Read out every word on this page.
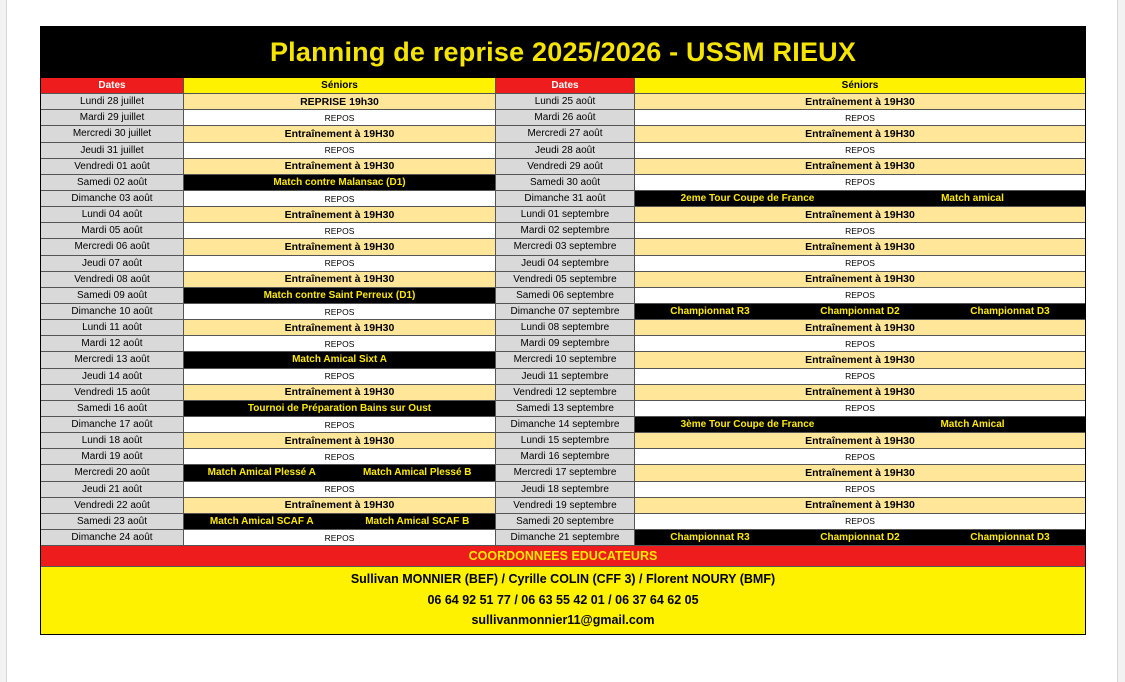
Planning de reprise 2025/2026 - USSM RIEUX
Dates	Séniors	Dates	Séniors
Lundi 28 juillet	REPRISE 19h30	Lundi 25 août	Entraînement à 19H30
Mardi 29 juillet	REPOS	Mardi 26 août	REPOS
Mercredi 30 juillet	Entraînement à 19H30	Mercredi 27 août	Entraînement à 19H30
Jeudi 31 juillet	REPOS	Jeudi 28 août	REPOS
Vendredi 01 août	Entraînement à 19H30	Vendredi 29 août	Entraînement à 19H30
Samedi 02 août	Match contre Malansac (D1)	Samedi 30 août	REPOS
Dimanche 03 août	REPOS	Dimanche 31 août	2eme Tour Coupe de France	Match amical
Lundi 04 août	Entraînement à 19H30	Lundi 01 septembre	Entraînement à 19H30
Mardi 05 août	REPOS	Mardi 02 septembre	REPOS
Mercredi 06 août	Entraînement à 19H30	Mercredi 03 septembre	Entraînement à 19H30
Jeudi 07 août	REPOS	Jeudi 04 septembre	REPOS
Vendredi 08 août	Entraînement à 19H30	Vendredi 05 septembre	Entraînement à 19H30
Samedi 09 août	Match contre Saint Perreux (D1)	Samedi 06 septembre	REPOS
Dimanche 10 août	REPOS	Dimanche 07 septembre	Championnat R3	Championnat D2	Championnat D3
Lundi 11 août	Entraînement à 19H30	Lundi 08 septembre	Entraînement à 19H30
Mardi 12 août	REPOS	Mardi 09 septembre	REPOS
Mercredi 13 août	Match Amical Sixt A	Mercredi 10 septembre	Entraînement à 19H30
Jeudi 14 août	REPOS	Jeudi 11 septembre	REPOS
Vendredi 15 août	Entraînement à 19H30	Vendredi 12 septembre	Entraînement à 19H30
Samedi 16 août	Tournoi de Préparation Bains sur Oust	Samedi 13 septembre	REPOS
Dimanche 17 août	REPOS	Dimanche 14 septembre	3ème Tour Coupe de France	Match Amical
Lundi 18 août	Entraînement à 19H30	Lundi 15 septembre	Entraînement à 19H30
Mardi 19 août	REPOS	Mardi 16 septembre	REPOS
Mercredi 20 août	Match Amical Plessé A	Match Amical Plessé B	Mercredi 17 septembre	Entraînement à 19H30
Jeudi 21 août	REPOS	Jeudi 18 septembre	REPOS
Vendredi 22 août	Entraînement à 19H30	Vendredi 19 septembre	Entraînement à 19H30
Samedi 23 août	Match Amical SCAF A	Match Amical SCAF B	Samedi 20 septembre	REPOS
Dimanche 24 août	REPOS	Dimanche 21 septembre	Championnat R3	Championnat D2	Championnat D3
COORDONNEES EDUCATEURS
Sullivan MONNIER (BEF) / Cyrille COLIN (CFF 3) / Florent NOURY (BMF)
06 64 92 51 77 / 06 63 55 42 01 / 06 37 64 62 05
sullivanmonnier11@gmail.com
